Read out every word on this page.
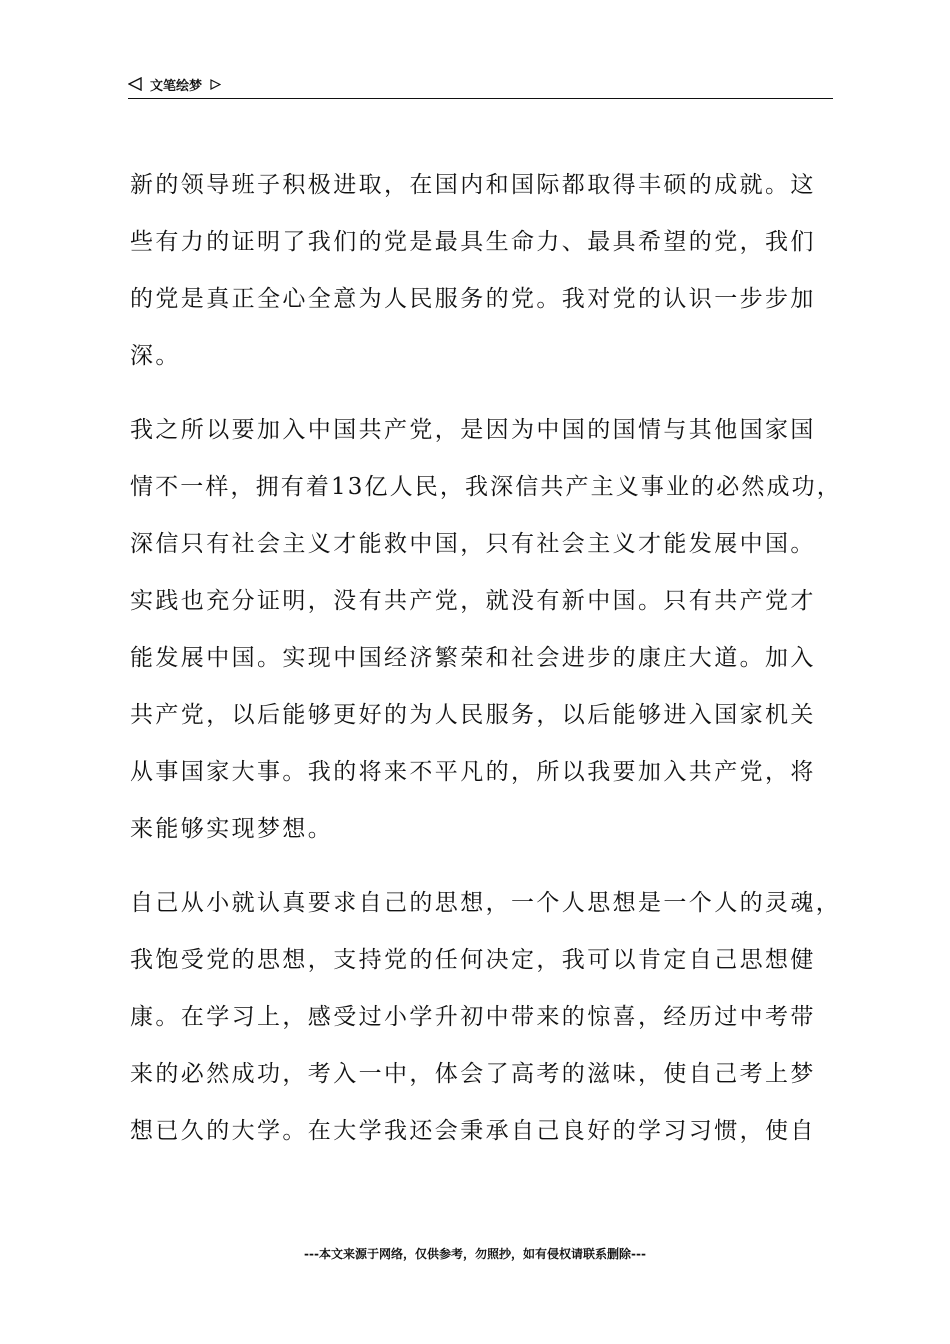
文笔绘梦
新的领导班子积极进取，在国内和国际都取得丰硕的成就。这
些有力的证明了我们的党是最具生命力、最具希望的党，我们
的党是真正全心全意为人民服务的党。我对党的认识一步步加
深。
我之所以要加入中国共产党，是因为中国的国情与其他国家国
情不一样，拥有着13亿人民，我深信共产主义事业的必然成功，
深信只有社会主义才能救中国，只有社会主义才能发展中国。
实践也充分证明，没有共产党，就没有新中国。只有共产党才
能发展中国。实现中国经济繁荣和社会进步的康庄大道。加入
共产党，以后能够更好的为人民服务，以后能够进入国家机关
从事国家大事。我的将来不平凡的，所以我要加入共产党，将
来能够实现梦想。
自己从小就认真要求自己的思想，一个人思想是一个人的灵魂，
我饱受党的思想，支持党的任何决定，我可以肯定自己思想健
康。在学习上，感受过小学升初中带来的惊喜，经历过中考带
来的必然成功，考入一中，体会了高考的滋味，使自己考上梦
想已久的大学。在大学我还会秉承自己良好的学习习惯，使自
---本文来源于网络，仅供参考，勿照抄，如有侵权请联系删除---
